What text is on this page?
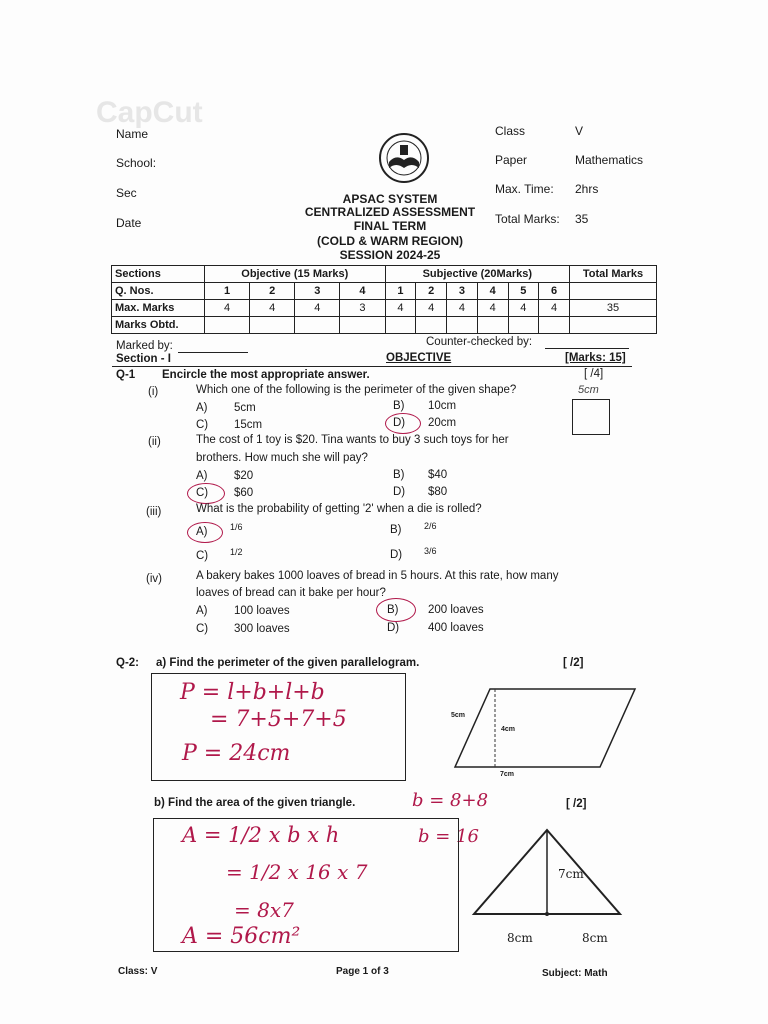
CapCut
Name
School:
Sec
Date
APSAC SYSTEM
CENTRALIZED ASSESSMENT
FINAL TERM
(COLD & WARM REGION)
SESSION 2024-25
Class	V
Paper	Mathematics
Max. Time: 2hrs
Total Marks: 35
Sections	Objective (15 Marks)				Subjective (20Marks)						Total Marks
Q. Nos.	1	2	3	4	1	2	3	4	5	6	
Max. Marks	4	4	4	3	4	4	4	4	4	4	35
Marks Obtd.											
Marked by:	Counter-checked by:
Section - I	OBJECTIVE	[Marks: 15]
Q-1 Encircle the most appropriate answer.	[ /4]
5cm
(i)	Which one of the following is the perimeter of the given shape?
A) 5cm	B) 10cm
C) 15cm	D) 20cm
(ii)	The cost of 1 toy is $20. Tina wants to buy 3 such toys for her
brothers. How much she will pay?
A) $20	B) $40
C) $60	D) $80
(iii)	What is the probability of getting '2' when a die is rolled?
A)	1/6	B)	2/6
C) 1/2	D) 3/6
(iv)	A bakery bakes 1000 loaves of bread in 5 hours. At this rate, how many
loaves of bread can it bake per hour?
A) 100 loaves	B)	200 loaves
C) 300 loaves	D)	400 loaves
Q-2: a) Find the perimeter of the given parallelogram.	[ /2]
P = l+b+l+b
= 7+5+7+5
P = 24cm
5cm
4cm
7cm
b) Find the area of the given triangle.	b = 8+8
b = 16
[ /2]
A = 1/2 x b x h
= 1/2 x 16 x 7
= 8x7
A = 56cm²
7cm
8cm	8cm
Class: V	Page 1 of 3	Subject: Math
